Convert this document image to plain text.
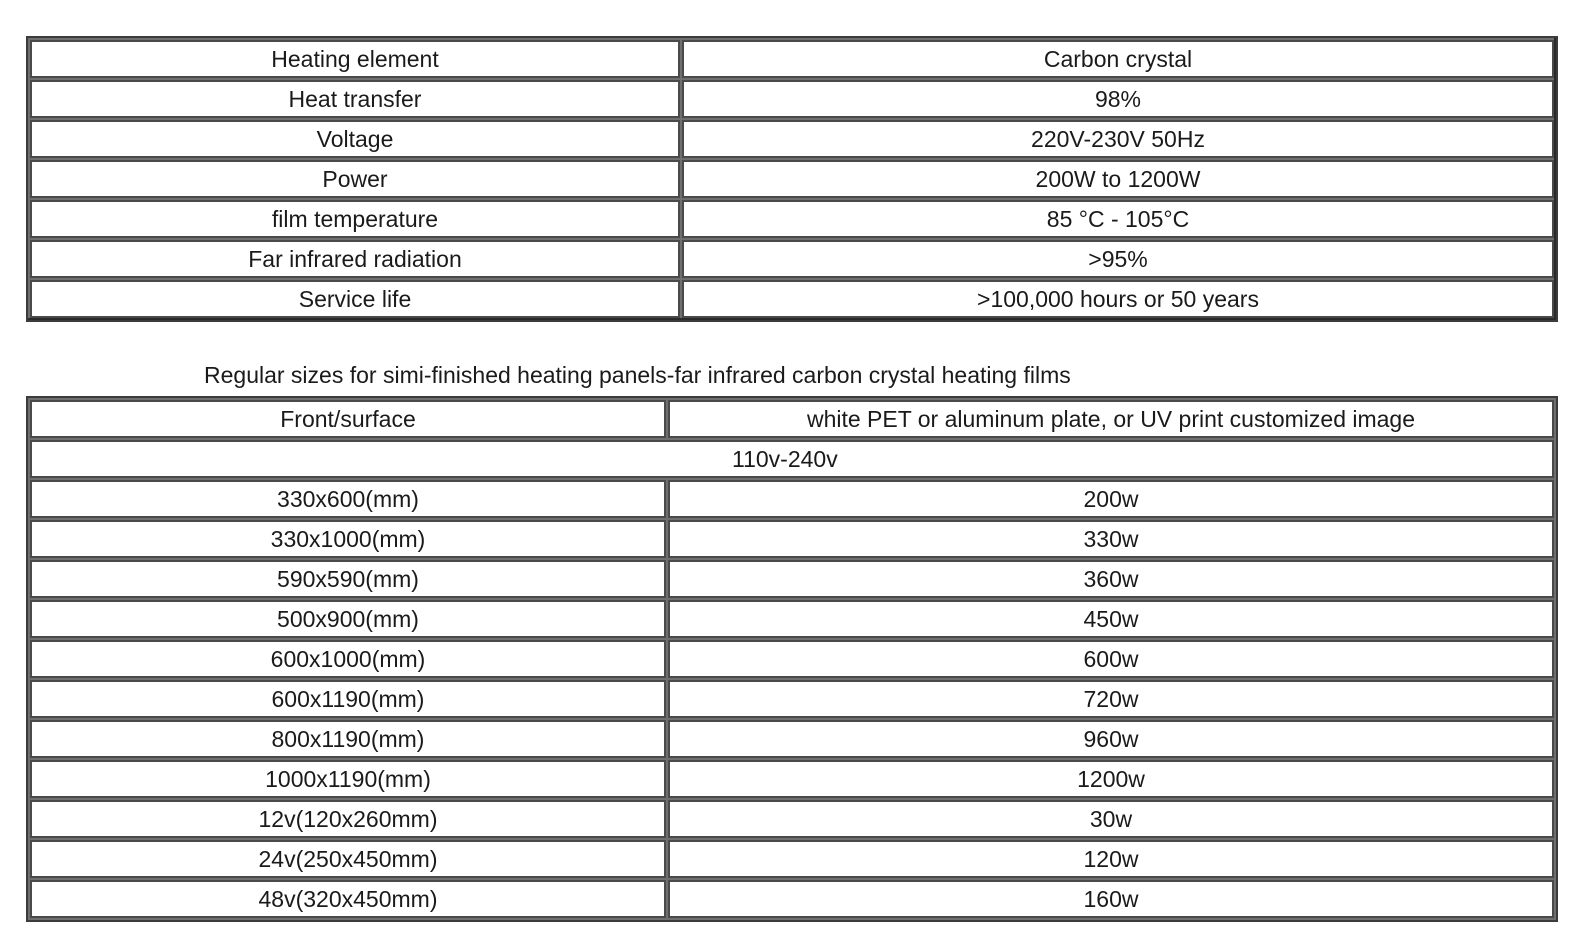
Heating element	Carbon crystal
Heat transfer	98%
Voltage	220V-230V 50Hz
Power	200W to 1200W
film temperature	85 °C - 105°C
Far infrared radiation	>95%
Service life	>100,000 hours or 50 years
Regular sizes for simi-finished heating panels-far infrared carbon crystal heating films
Front/surface	white PET or aluminum plate, or UV print customized image
110v-240v	
330x600(mm)	200w
330x1000(mm)	330w
590x590(mm)	360w
500x900(mm)	450w
600x1000(mm)	600w
600x1190(mm)	720w
800x1190(mm)	960w
1000x1190(mm)	1200w
12v(120x260mm)	30w
24v(250x450mm)	120w
48v(320x450mm)	160w
